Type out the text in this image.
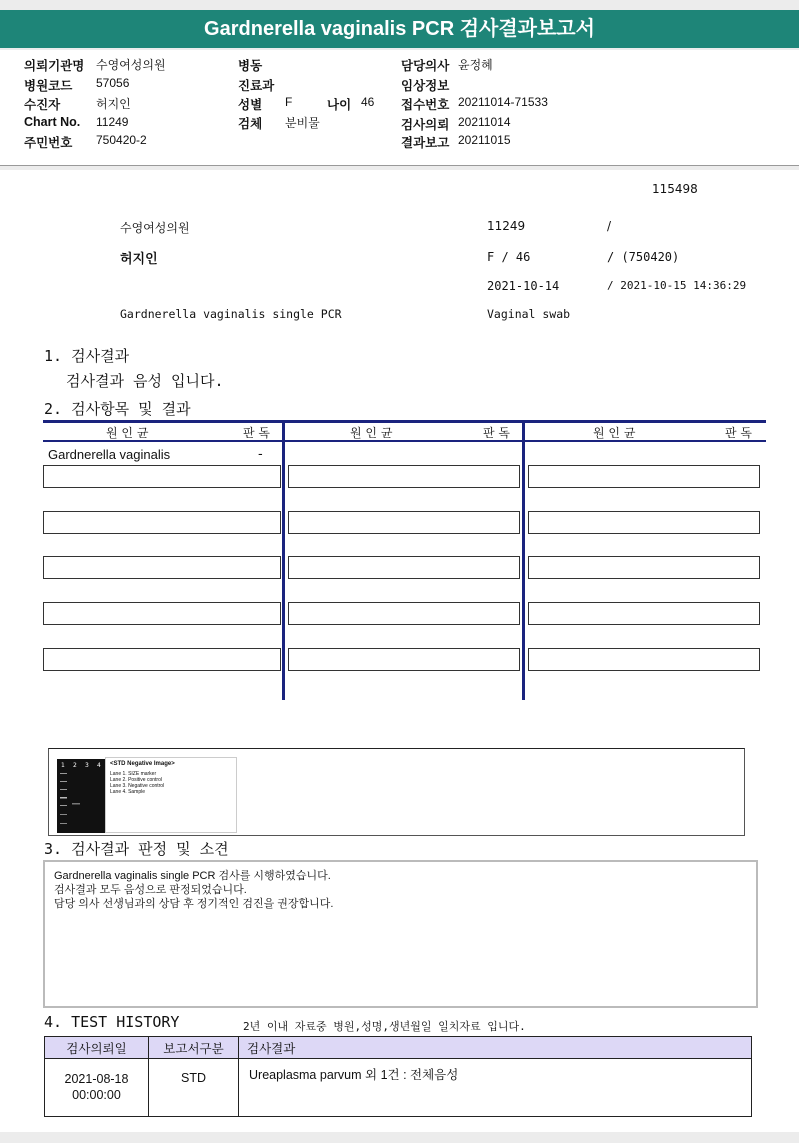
Gardnerella vaginalis PCR 검사결과보고서
의뢰기관명 수영여성의원
병원코드 57056
수진자	허지인
Chart No. 11249
주민번호 750420-2
병동
진료과
성별 F	나이 46
검체 분비물
담당의사 윤정혜
임상정보
접수번호 20211014-71533
검사의뢰 20211014
결과보고 20211015
115498
수영여성의원	11249	/
허지인	F / 46	/ (750420)
2021-10-14	/ 2021-10-15 14:36:29
Gardnerella vaginalis single PCR	Vaginal swab
1. 검사결과
검사결과 음성 입니다.
2. 검사항목 및 결과
원 인 균	판 독	원 인 균	판 독	원 인 균	판 독
Gardnerella vaginalis	-
1 2 3 4 <STD Negative Image>
Lane 1. SIZE marker
Lane 2. Positive control
Lane 3. Negative control
Lane 4. Sample
3. 검사결과 판정 및 소견
Gardnerella vaginalis single PCR 검사를 시행하였습니다.
검사결과 모두 음성으로 판정되었습니다.
담당 의사 선생님과의 상담 후 정기적인 검진을 권장합니다.
4. TEST HISTORY	2년 이내 자료중 병원,성명,생년월일 일치자료 입니다.
검사의뢰일	보고서구분	검사결과

2021-08-18
00:00:00	STD	Ureaplasma parvum 외 1건 : 전체음성
